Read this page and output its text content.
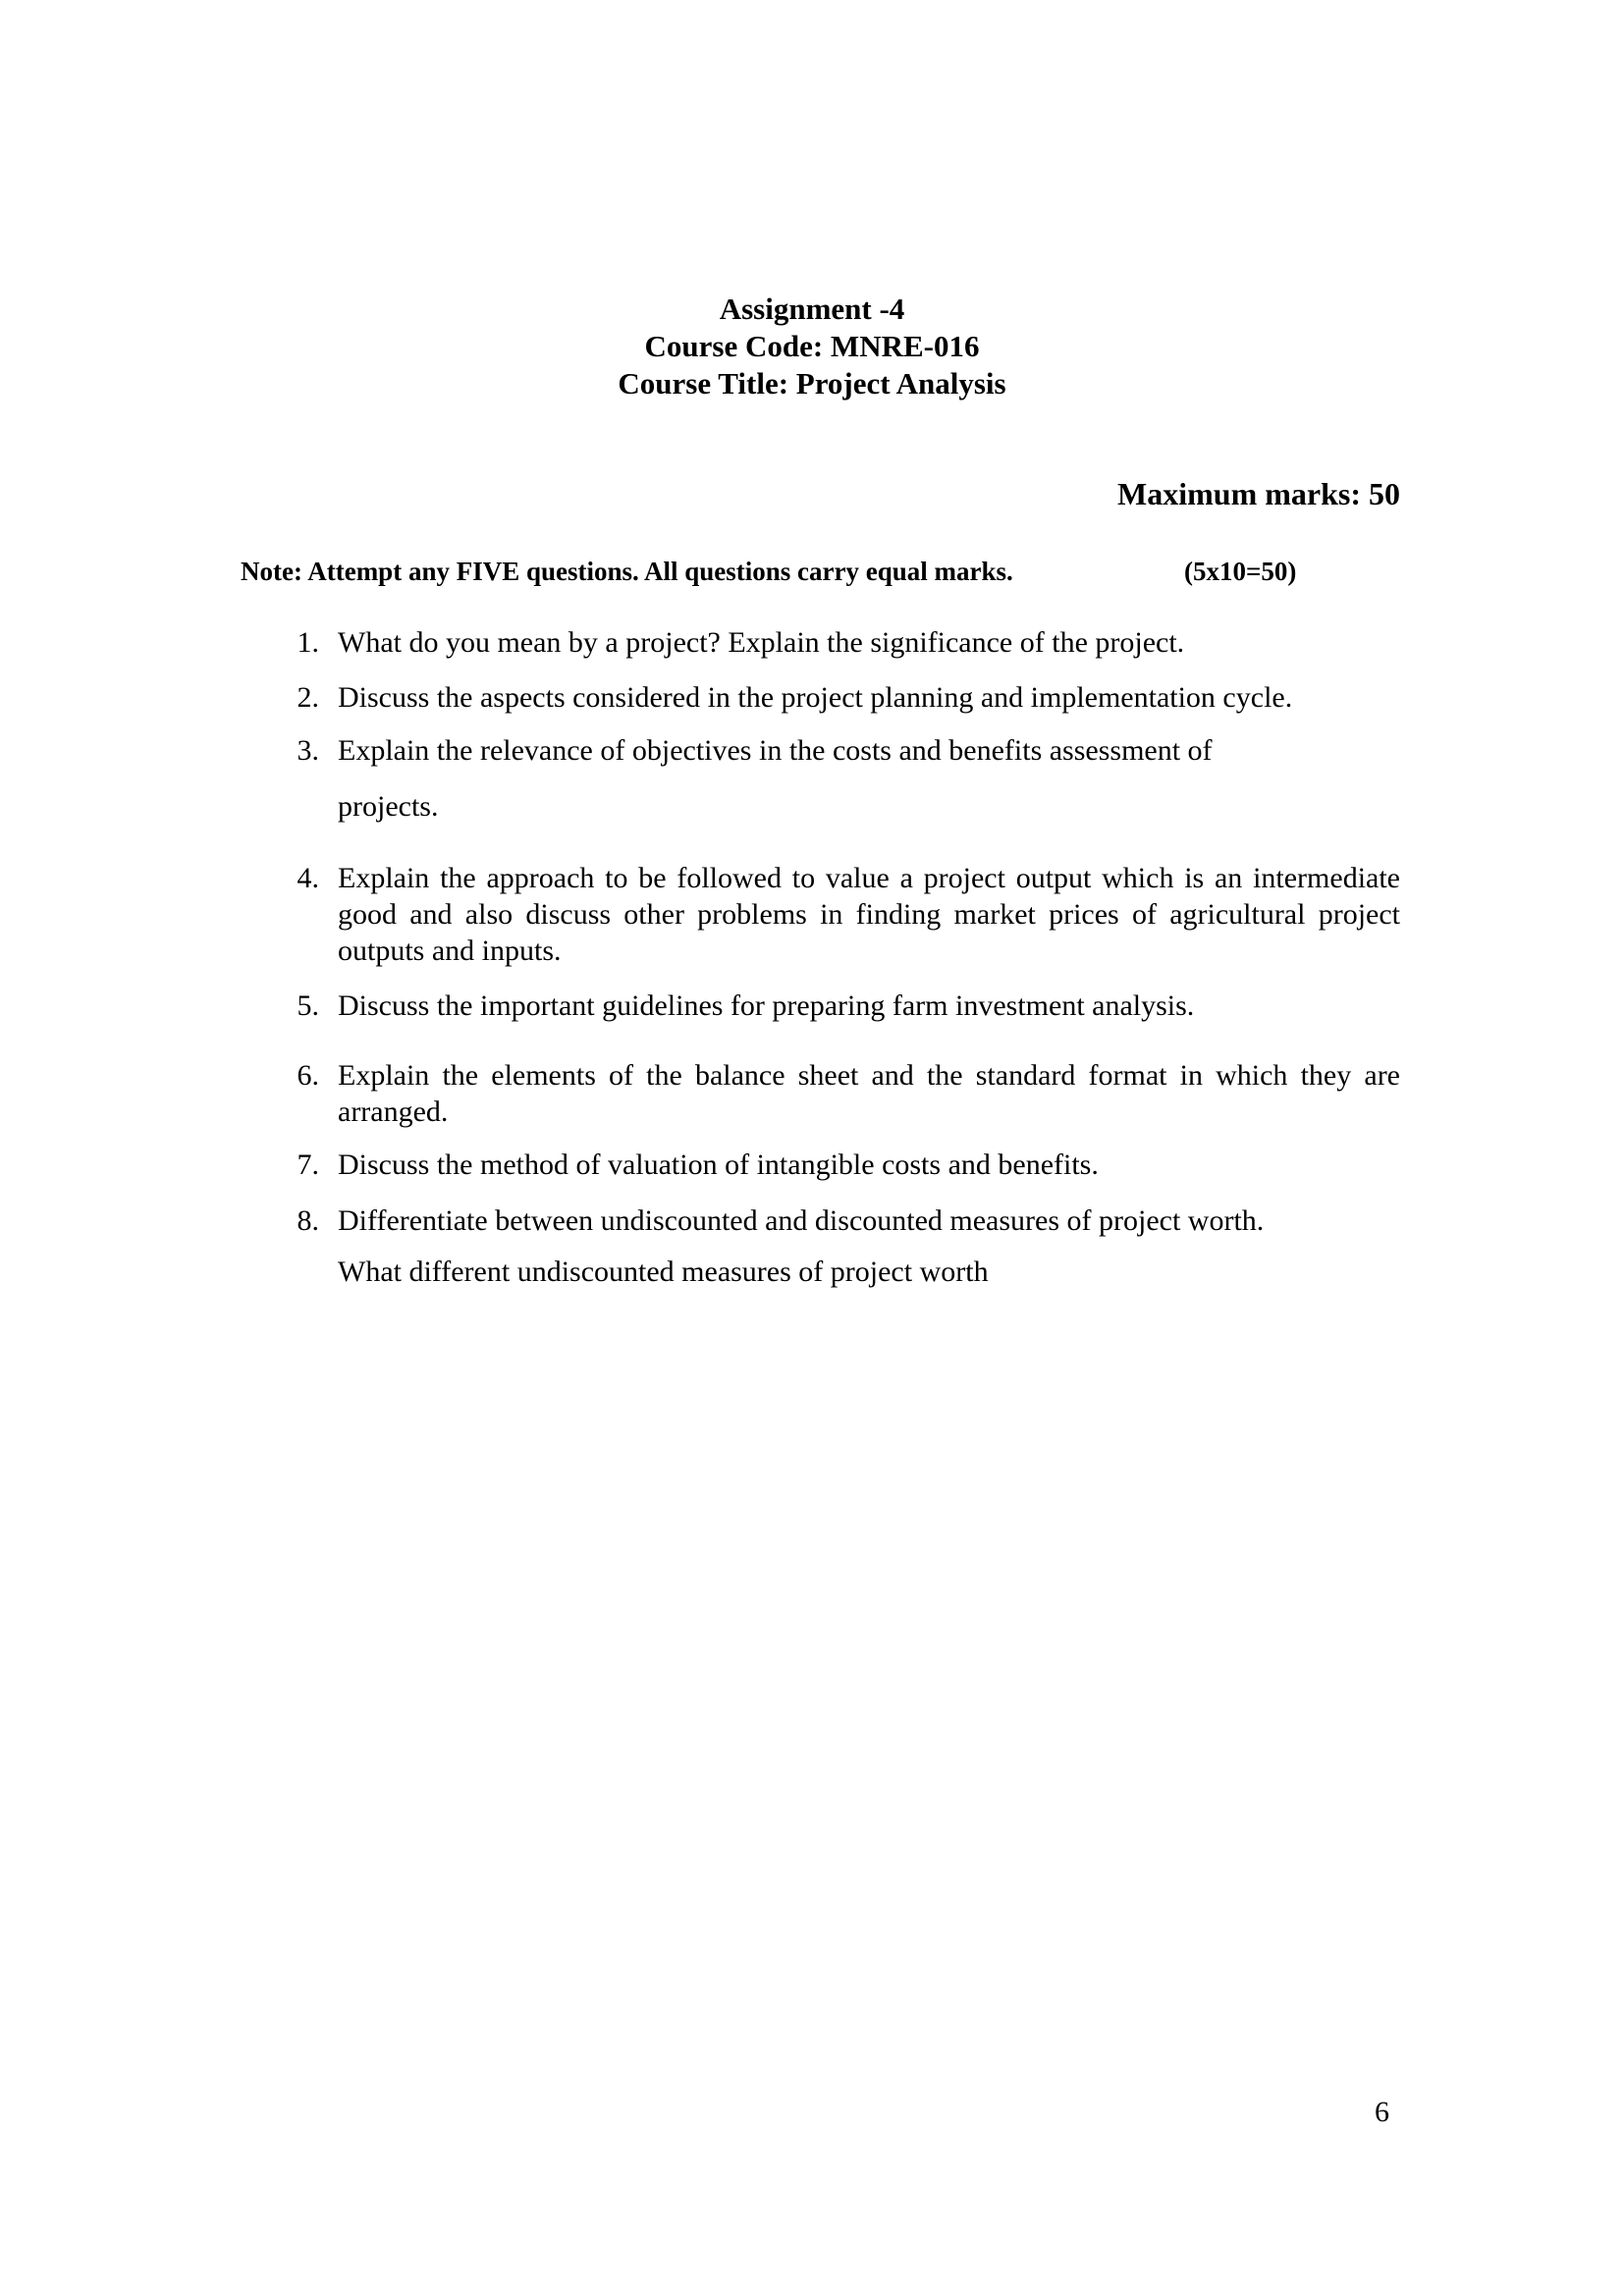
Assignment -4
Course Code: MNRE-016
Course Title: Project Analysis
Maximum marks: 50
Note: Attempt any FIVE questions. All questions carry equal marks.	(5x10=50)
1. What do you mean by a project? Explain the significance of the project.
2. Discuss the aspects considered in the project planning and implementation cycle.
3. Explain the relevance of objectives in the costs and benefits assessment of
projects.
4. Explain the approach to be followed to value a project output which is an intermediate good and also discuss other problems in finding market prices of agricultural project outputs and inputs.
5. Discuss the important guidelines for preparing farm investment analysis.
6. Explain the elements of the balance sheet and the standard format in which they are arranged.
7. Discuss the method of valuation of intangible costs and benefits.
8. Differentiate between undiscounted and discounted measures of project worth.
What different undiscounted measures of project worth
6
